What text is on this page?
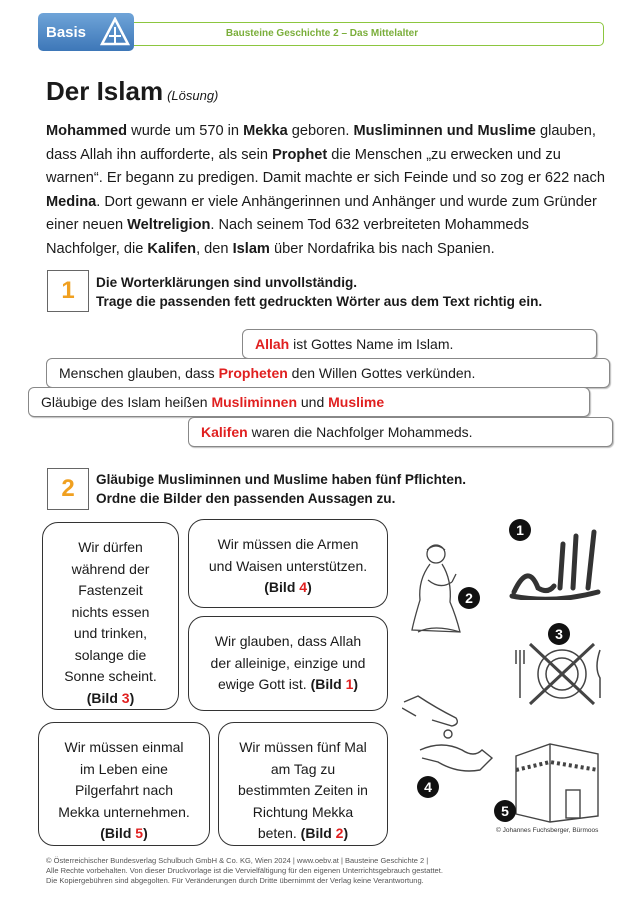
Bausteine Geschichte 2 – Das Mittelalter
Basis
Der Islam (Lösung)
Mohammed wurde um 570 in Mekka geboren. Musliminnen und Muslime glauben, dass Allah ihn aufforderte, als sein Prophet die Menschen „zu erwecken und zu warnen“. Er begann zu predigen. Damit machte er sich Feinde und so zog er 622 nach Medina. Dort gewann er viele Anhängerinnen und Anhänger und wurde zum Gründer einer neuen Weltreligion. Nach seinem Tod 632 verbreiteten Mohammeds Nachfolger, die Kalifen, den Islam über Nordafrika bis nach Spanien.
1	Die Worterklärungen sind unvollständig.
Trage die passenden fett gedruckten Wörter aus dem Text richtig ein.
Allah ist Gottes Name im Islam.
Menschen glauben, dass Propheten den Willen Gottes verkünden.
Gläubige des Islam heißen Musliminnen und Muslime
Kalifen waren die Nachfolger Mohammeds.
2	Gläubige Musliminnen und Muslime haben fünf Pflichten.
Ordne die Bilder den passenden Aussagen zu.
Wir dürfen
während der
Fastenzeit
nichts essen
und trinken,
solange die
Sonne scheint.
(Bild 3)
Wir müssen die Armen
und Waisen unterstützen.
(Bild 4)
Wir glauben, dass Allah
der alleinige, einzige und
ewige Gott ist. (Bild 1)
Wir müssen einmal
im Leben eine
Pilgerfahrt nach
Mekka unternehmen.
(Bild 5)
Wir müssen fünf Mal
am Tag zu
bestimmten Zeiten in
Richtung Mekka
beten. (Bild 2)
1
2
3
4
5
© Johannes Fuchsberger, Bürmoos
© Österreichischer Bundesverlag Schulbuch GmbH & Co. KG, Wien 2024 | www.oebv.at | Bausteine Geschichte 2 |
Alle Rechte vorbehalten. Von dieser Druckvorlage ist die Vervielfältigung für den eigenen Unterrichtsgebrauch gestattet.
Die Kopiergebühren sind abgegolten. Für Veränderungen durch Dritte übernimmt der Verlag keine Verantwortung.
